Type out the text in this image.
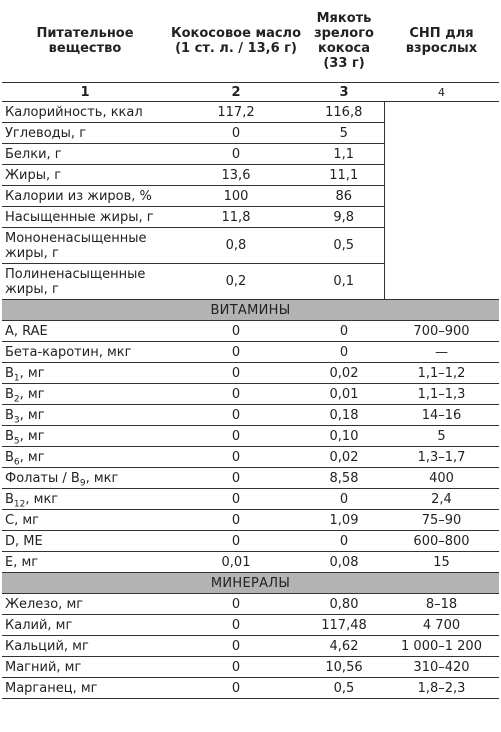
Питательное вещество	Кокосовое масло (1 ст. л. / 13,6 г)	Мякоть зрелого кокоса (33 г)	СНП для взрослых
1	2	3	4
Калорийность, ккал	117,2	116,8	
Углеводы, г	0	5	
Белки, г	0	1,1	
Жиры, г	13,6	11,1	
Калории из жиров, %	100	86	
Насыщенные жиры, г	11,8	9,8	
Мононенасыщенные жиры, г	0,8	0,5	
Полиненасыщенные жиры, г	0,2	0,1	
ВИТАМИНЫ			
A, RAE	0	0	700–900
Бета-каротин, мкг	0	0	—
$B_1$, мг	0	0,02	1,1–1,2
$B_2$, мг	0	0,01	1,1–1,3
$B_3$, мг	0	0,18	14–16
$B_5$, мг	0	0,10	5
$B_6$, мг	0	0,02	1,3–1,7
Фолаты / $B_9$, мкг	0	8,58	400
$B_{12}$, мкг	0	0	2,4
C, мг	0	1,09	75–90
D, ME	0	0	600–800
E, мг	0,01	0,08	15
МИНЕРАЛЫ			
Железо, мг	0	0,80	8–18
Калий, мг	0	117,48	4 700
Кальций, мг	0	4,62	1 000–1 200
Магний, мг	0	10,56	310–420
Марганец, мг	0	0,5	1,8–2,3
